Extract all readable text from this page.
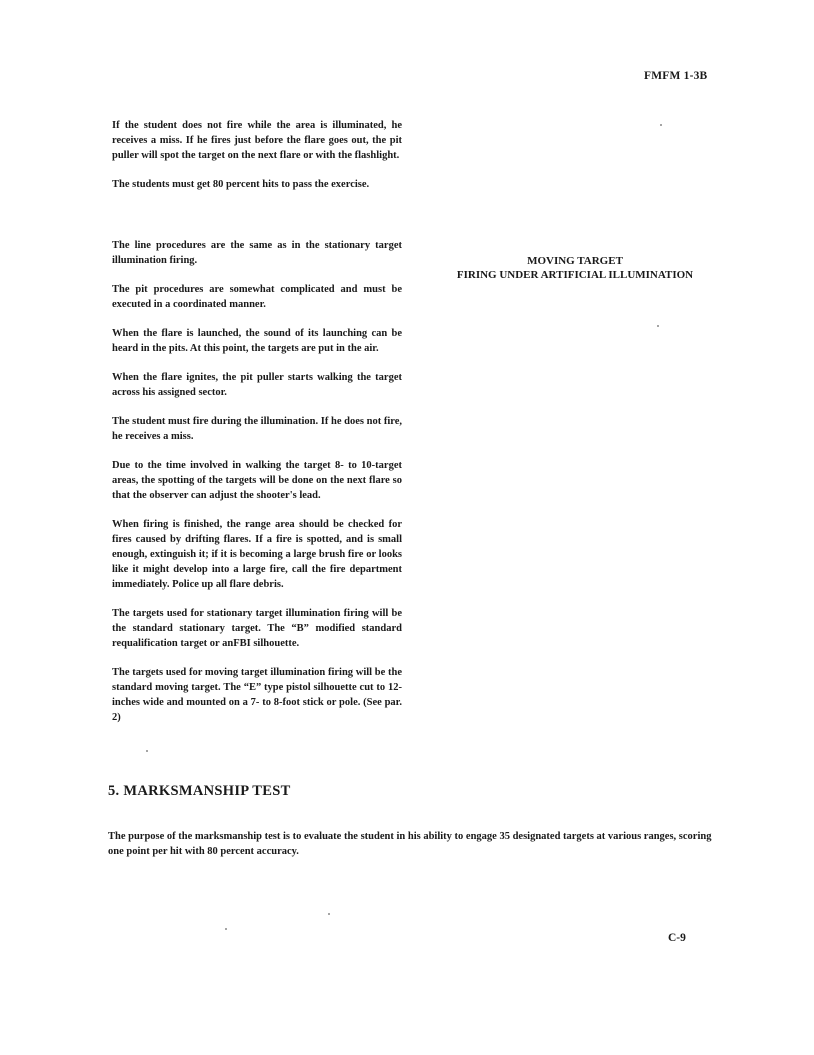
FMFM 1-3B

If the student does not fire while the area is illuminated, he receives a miss. If he fires just before the flare goes out, the pit puller will spot the target on the next flare or with the flashlight.

The students must get 80 percent hits to pass the exercise.

The line procedures are the same as in the stationary target illumination firing.

The pit procedures are somewhat complicated and must be executed in a coordinated manner.

When the flare is launched, the sound of its launching can be heard in the pits. At this point, the targets are put in the air.

When the flare ignites, the pit puller starts walking the target across his assigned sector.

The student must fire during the illumination. If he does not fire, he receives a miss.

Due to the time involved in walking the target 8- to 10-target areas, the spotting of the targets will be done on the next flare so that the observer can adjust the shooter's lead.

When firing is finished, the range area should be checked for fires caused by drifting flares. If a fire is spotted, and is small enough, extinguish it; if it is becoming a large brush fire or looks like it might develop into a large fire, call the fire department immediately. Police up all flare debris.

The targets used for stationary target illumination firing will be the standard stationary target. The “B” modified standard requalification target or anFBI silhouette.

The targets used for moving target illumination firing will be the standard moving target. The “E” type pistol silhouette cut to 12-inches wide and mounted on a 7- to 8-foot stick or pole. (See par. 2)

MOVING TARGET
FIRING UNDER ARTIFICIAL ILLUMINATION
5. MARKSMANSHIP TEST

The purpose of the marksmanship test is to evaluate the student in his ability to engage 35 designated targets at various ranges, scoring one point per hit with 80 percent accuracy.

C-9
